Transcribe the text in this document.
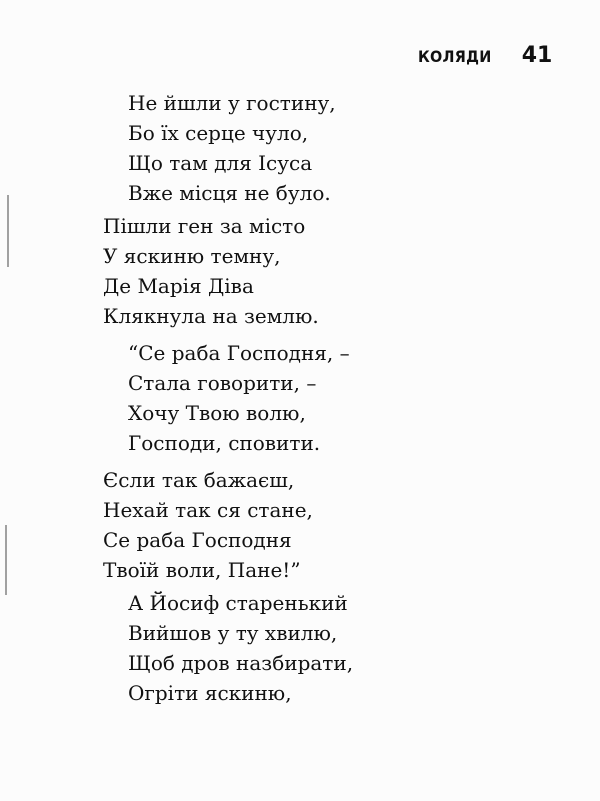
КОЛЯДИ 41
Не йшли у гостину,
Бо їх серце чуло,
Що там для Ісуса
Вже місця не було.
Пішли ген за місто
У яскиню темну,
Де Марія Діва
Клякнула на землю.
“Се раба Господня, –
Стала говорити, –
Хочу Твою волю,
Господи, сповити.
Єсли так бажаєш,
Нехай так ся стане,
Се раба Господня
Твоїй воли, Пане!”
А Йосиф старенький
Вийшов у ту хвилю,
Щоб дров назбирати,
Огріти яскиню,
